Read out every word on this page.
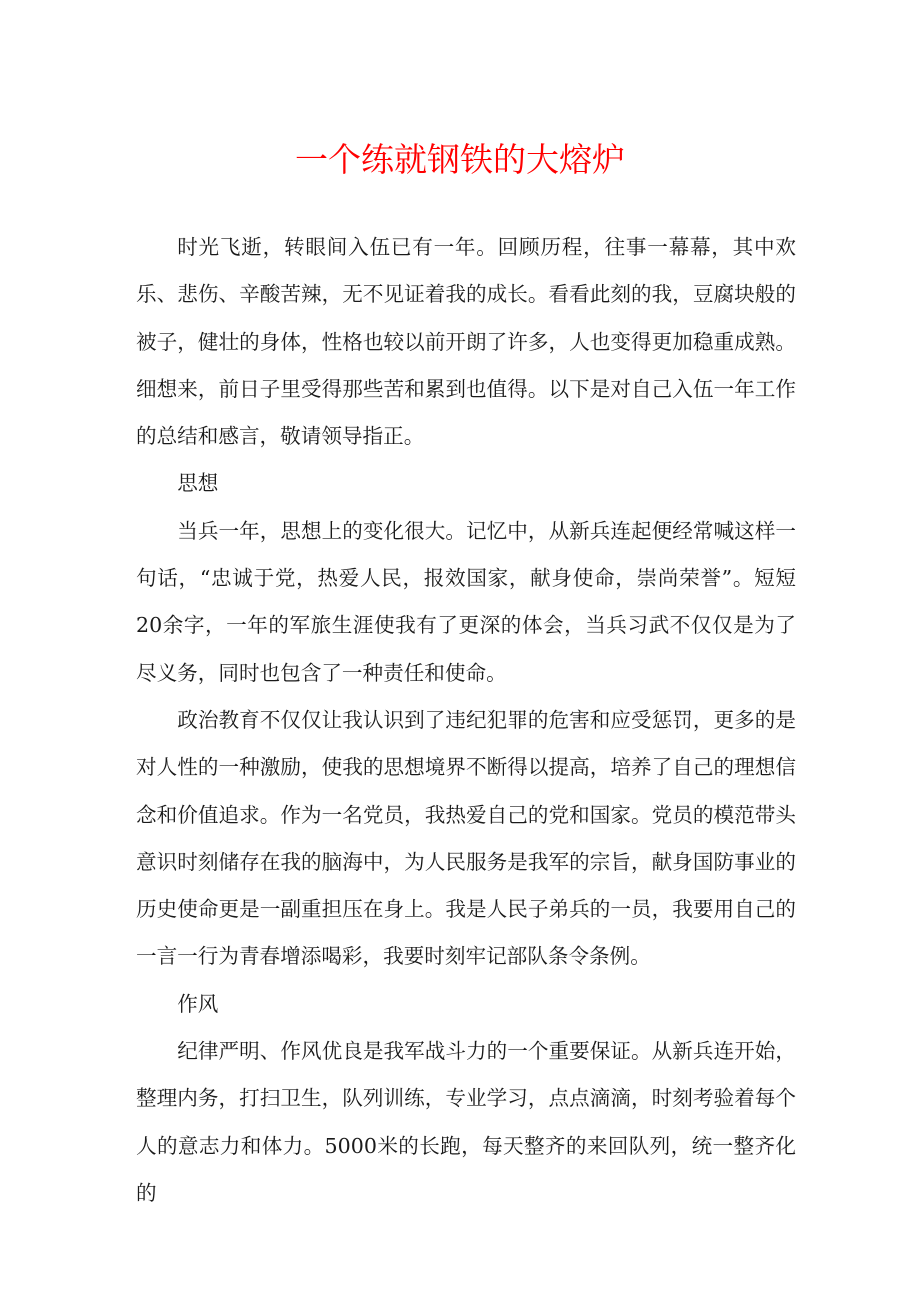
一个练就钢铁的大熔炉

时光飞逝，转眼间入伍已有一年。回顾历程，往事一幕幕，其中欢乐、悲伤、辛酸苦辣，无不见证着我的成长。看看此刻的我，豆腐块般的被子，健壮的身体，性格也较以前开朗了许多，人也变得更加稳重成熟。细想来，前日子里受得那些苦和累到也值得。以下是对自己入伍一年工作的总结和感言，敬请领导指正。

思想

当兵一年，思想上的变化很大。记忆中，从新兵连起便经常喊这样一句话，“忠诚于党，热爱人民，报效国家，献身使命，崇尚荣誉”。短短20余字，一年的军旅生涯使我有了更深的体会，当兵习武不仅仅是为了尽义务，同时也包含了一种责任和使命。

政治教育不仅仅让我认识到了违纪犯罪的危害和应受惩罚，更多的是对人性的一种激励，使我的思想境界不断得以提高，培养了自己的理想信念和价值追求。作为一名党员，我热爱自己的党和国家。党员的模范带头意识时刻储存在我的脑海中，为人民服务是我军的宗旨，献身国防事业的历史使命更是一副重担压在身上。我是人民子弟兵的一员，我要用自己的一言一行为青春增添喝彩，我要时刻牢记部队条令条例。

作风

纪律严明、作风优良是我军战斗力的一个重要保证。从新兵连开始，整理内务，打扫卫生，队列训练，专业学习，点点滴滴，时刻考验着每个人的意志力和体力。5000米的长跑，每天整齐的来回队列，统一整齐化的
